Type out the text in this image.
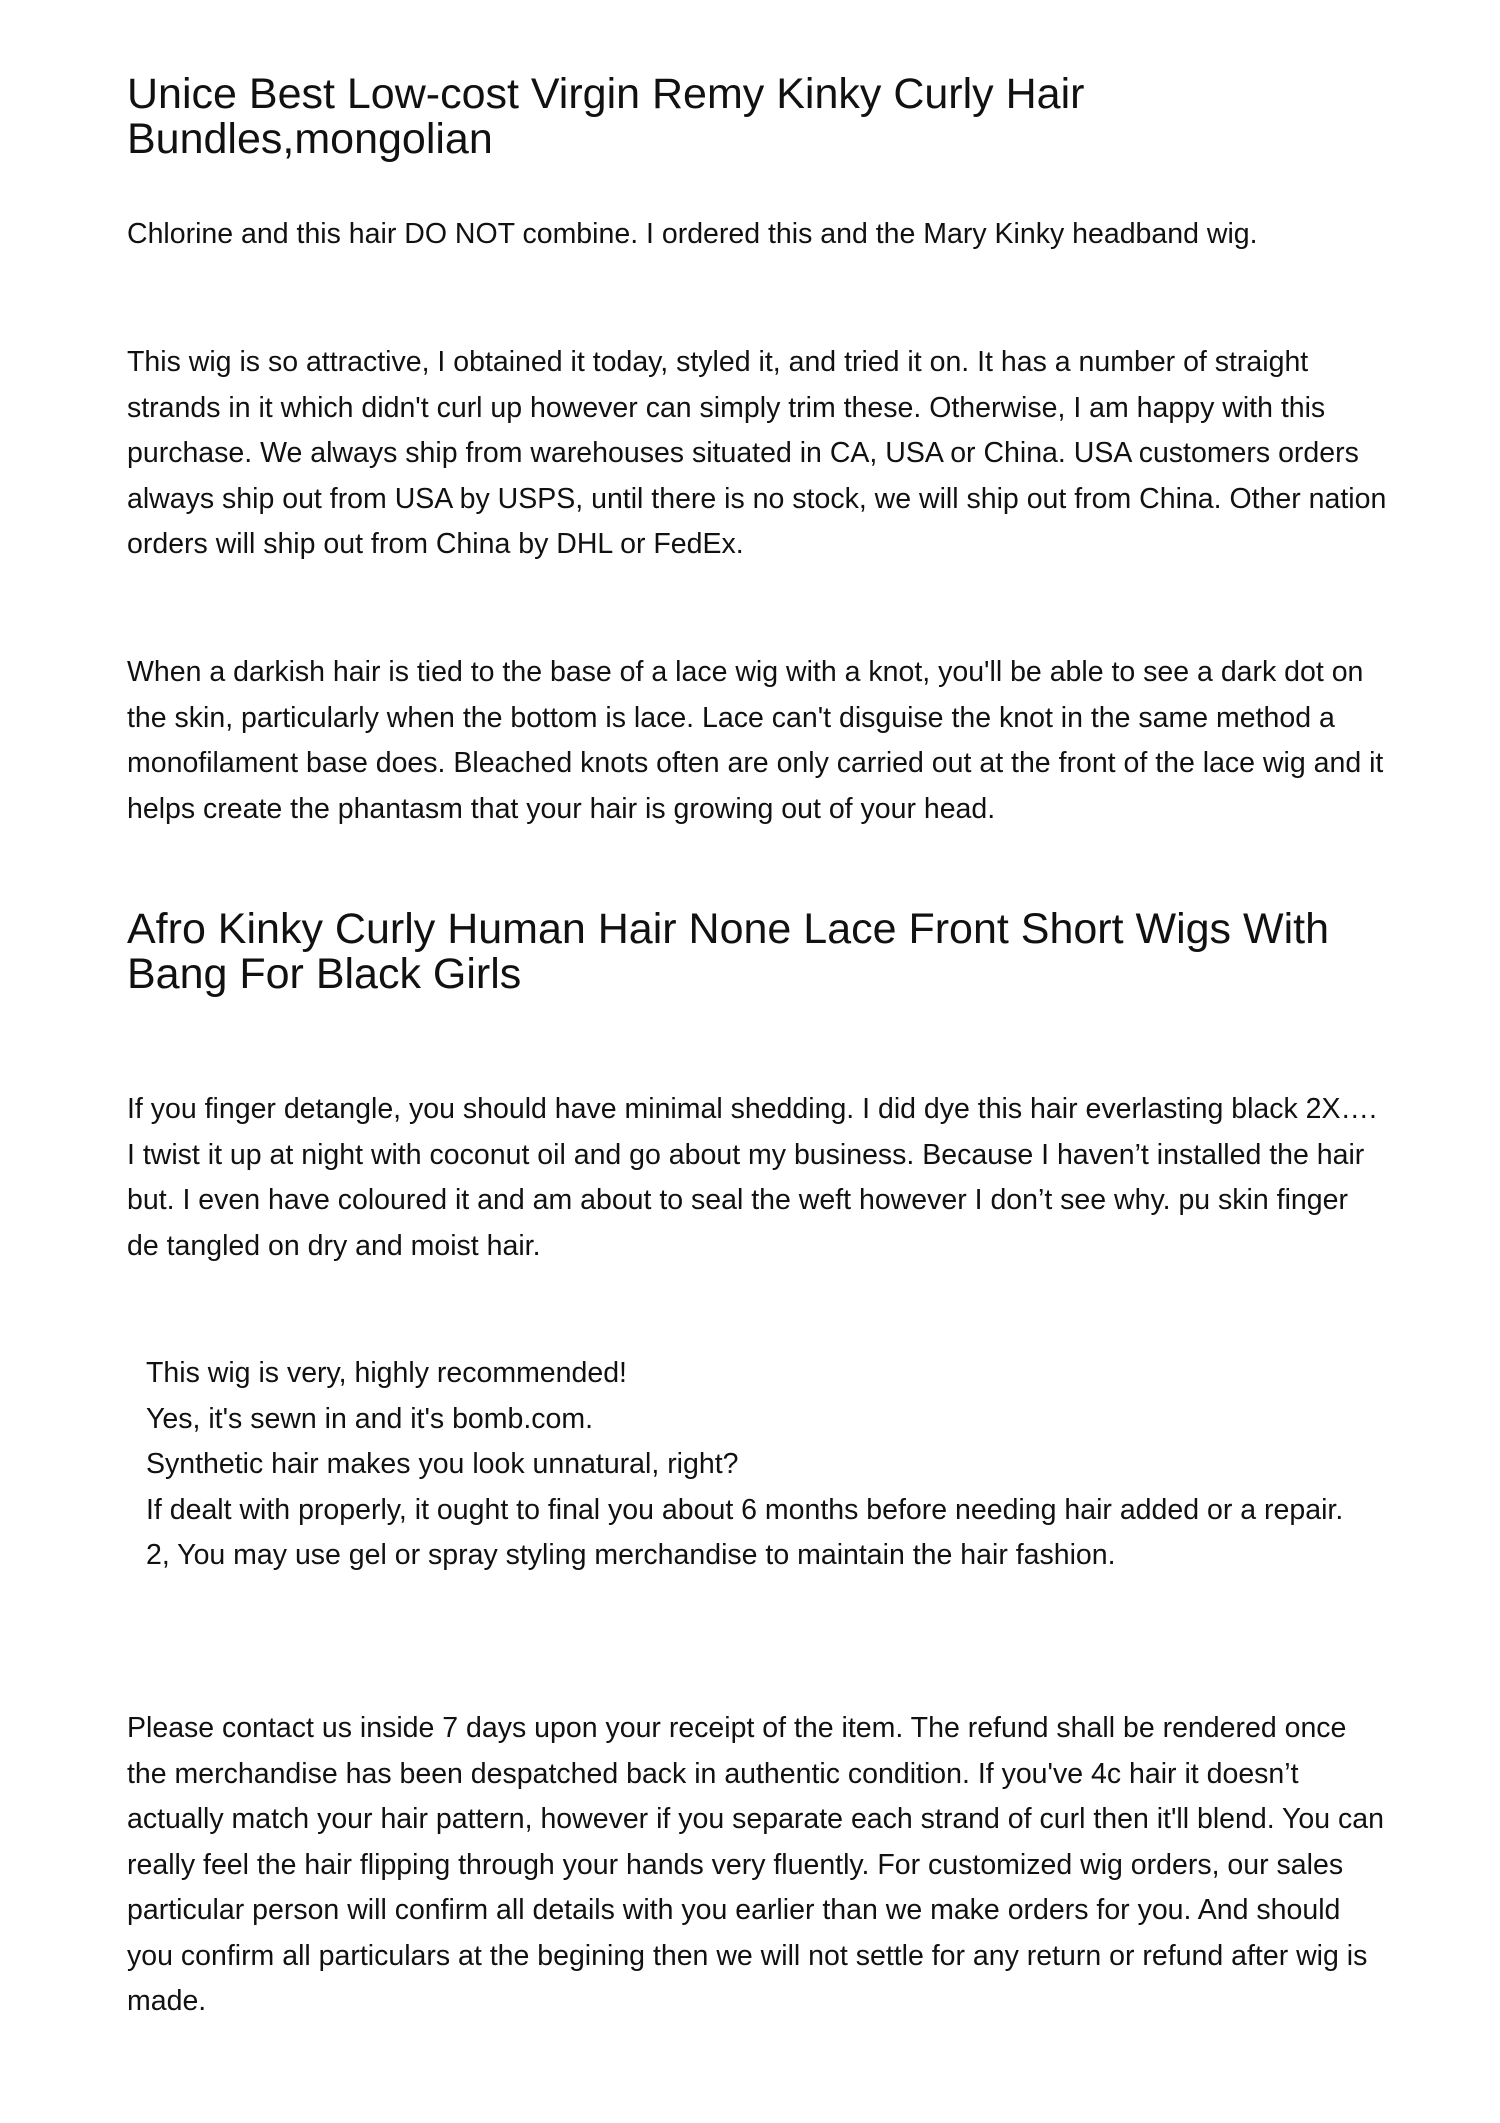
Unice Best Low-cost Virgin Remy Kinky Curly Hair Bundles,mongolian

Chlorine and this hair DO NOT combine. I ordered this and the Mary Kinky headband wig.

This wig is so attractive, I obtained it today, styled it, and tried it on. It has a number of straight strands in it which didn't curl up however can simply trim these. Otherwise, I am happy with this purchase. We always ship from warehouses situated in CA, USA or China. USA customers orders always ship out from USA by USPS, until there is no stock, we will ship out from China. Other nation orders will ship out from China by DHL or FedEx.

When a darkish hair is tied to the base of a lace wig with a knot, you'll be able to see a dark dot on the skin, particularly when the bottom is lace. Lace can't disguise the knot in the same method a monofilament base does. Bleached knots often are only carried out at the front of the lace wig and it helps create the phantasm that your hair is growing out of your head.

Afro Kinky Curly Human Hair None Lace Front Short Wigs With Bang For Black Girls

If you finger detangle, you should have minimal shedding. I did dye this hair everlasting black 2X…. I twist it up at night with coconut oil and go about my business. Because I haven’t installed the hair but. I even have coloured it and am about to seal the weft however I don’t see why. pu skin finger de tangled on dry and moist hair.

This wig is very, highly recommended!
Yes, it's sewn in and it's bomb.com.
Synthetic hair makes you look unnatural, right?
If dealt with properly, it ought to final you about 6 months before needing hair added or a repair.
2, You may use gel or spray styling merchandise to maintain the hair fashion.

Please contact us inside 7 days upon your receipt of the item. The refund shall be rendered once the merchandise has been despatched back in authentic condition. If you've 4c hair it doesn’t actually match your hair pattern, however if you separate each strand of curl then it'll blend. You can really feel the hair flipping through your hands very fluently. For customized wig orders, our sales particular person will confirm all details with you earlier than we make orders for you. And should you confirm all particulars at the begining then we will not settle for any return or refund after wig is made.
